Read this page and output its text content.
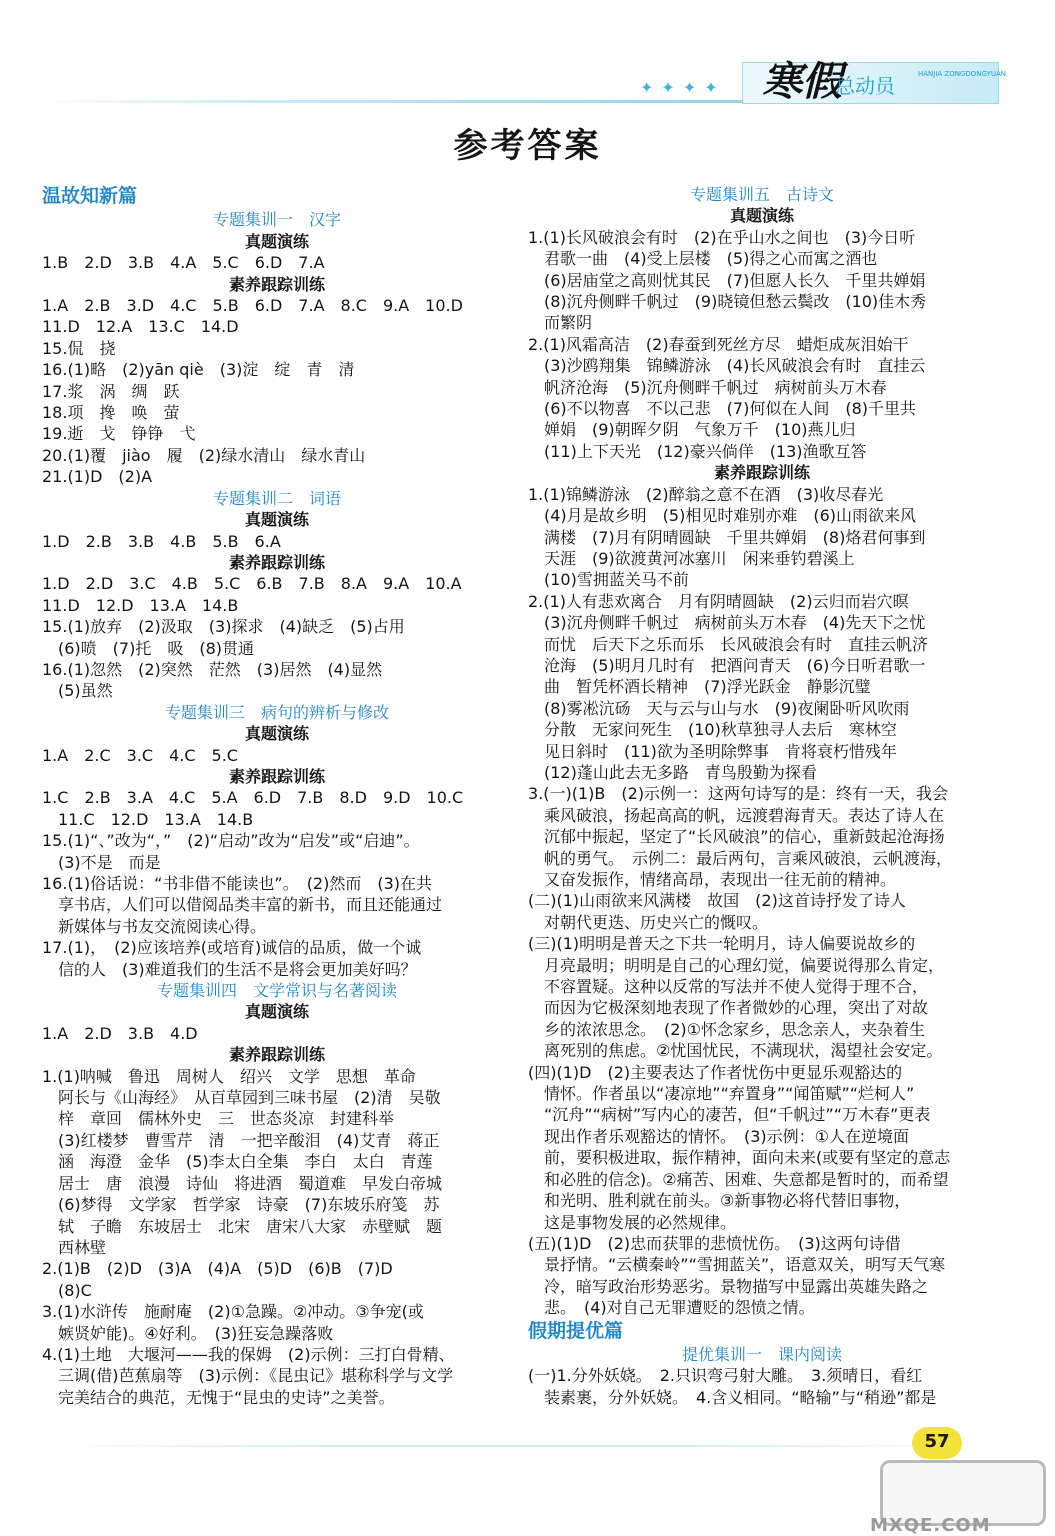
✦✦✦✦ 寒假
总动员	HANJIA ZONGDONGYUAN
参考答案
温故知新篇
专题集训一　汉字
真题演练
1.B　2.D　3.B　4.A　5.C　6.D　7.A
素养跟踪训练
1.A　2.B　3.D　4.C　5.B　6.D　7.A　8.C　9.A　10.D
11.D　12.A　13.C　14.D
15.侃　挠
16.(1)略　(2)yān qiè　(3)淀　绽　青　清
17.浆　涡　绸　跃
18.项　搀　唤　萤
19.逝　戈　铮铮　弋
20.(1)覆　jiào　履　(2)绿水清山　绿水青山
21.(1)D　(2)A
专题集训二　词语
真题演练
1.D　2.B　3.B　4.B　5.B　6.A
素养跟踪训练
1.D　2.D　3.C　4.B　5.C　6.B　7.B　8.A　9.A　10.A
11.D　12.D　13.A　14.B
15.(1)放弃　(2)汲取　(3)探求　(4)缺乏　(5)占用
　(6)喷　(7)托　吸　(8)贯通
16.(1)忽然　(2)突然　茫然　(3)居然　(4)显然
　(5)虽然
专题集训三　病句的辨析与修改
真题演练
1.A　2.C　3.C　4.C　5.C
素养跟踪训练
1.C　2.B　3.A　4.C　5.A　6.D　7.B　8.D　9.D　10.C
　11.C　12.D　13.A　14.B
15.(1)“、”改为“，”　(2)“启动”改为“启发”或“启迪”。
　(3)不是　而是
16.(1)俗话说：“书非借不能读也”。　(2)然而　(3)在共
　享书店，人们可以借阅品类丰富的新书，而且还能通过
　新媒体与书友交流阅读心得。
17.(1)，　(2)应该培养(或培育)诚信的品质，做一个诚
　信的人　(3)难道我们的生活不是将会更加美好吗？
专题集训四　文学常识与名著阅读
真题演练
1.A　2.D　3.B　4.D
素养跟踪训练
1.(1)呐喊　鲁迅　周树人　绍兴　文学　思想　革命
　阿长与《山海经》　从百草园到三味书屋　(2)清　吴敬
　梓　章回　儒林外史　三　世态炎凉　封建科举
　(3)红楼梦　曹雪芹　清　一把辛酸泪　(4)艾青　蒋正
　涵　海澄　金华　(5)李太白全集　李白　太白　青莲
　居士　唐　浪漫　诗仙　将进酒　蜀道难　早发白帝城
　(6)梦得　文学家　哲学家　诗豪　(7)东坡乐府笺　苏
　轼　子瞻　东坡居士　北宋　唐宋八大家　赤壁赋　题
　西林壁
2.(1)B　(2)D　(3)A　(4)A　(5)D　(6)B　(7)D
　(8)C
3.(1)水浒传　施耐庵　(2)①急躁。②冲动。③争宠(或
　嫉贤妒能)。④好利。　(3)狂妄急躁落败
4.(1)土地　大堰河——我的保姆　(2)示例：三打白骨精、
　三调(借)芭蕉扇等　(3)示例：《昆虫记》堪称科学与文学
　完美结合的典范，无愧于“昆虫的史诗”之美誉。
专题集训五　古诗文
真题演练
1.(1)长风破浪会有时　(2)在乎山水之间也　(3)今日听
　君歌一曲　(4)受上层楼　(5)得之心而寓之酒也
　(6)居庙堂之高则忧其民　(7)但愿人长久　千里共婵娟
　(8)沉舟侧畔千帆过　(9)晓镜但愁云鬓改　(10)佳木秀
　而繁阴
2.(1)风霜高洁　(2)春蚕到死丝方尽　蜡炬成灰泪始干
　(3)沙鸥翔集　锦鳞游泳　(4)长风破浪会有时　直挂云
　帆济沧海　(5)沉舟侧畔千帆过　病树前头万木春
　(6)不以物喜　不以己悲　(7)何似在人间　(8)千里共
　婵娟　(9)朝晖夕阴　气象万千　(10)燕儿归
　(11)上下天光　(12)豪兴倘佯　(13)渔歌互答
素养跟踪训练
1.(1)锦鳞游泳　(2)醉翁之意不在酒　(3)收尽春光
　(4)月是故乡明　(5)相见时难别亦难　(6)山雨欲来风
　满楼　(7)月有阴晴圆缺　千里共婵娟　(8)烙君何事到
　天涯　(9)欲渡黄河冰塞川　闲来垂钓碧溪上
　(10)雪拥蓝关马不前
2.(1)人有悲欢离合　月有阴晴圆缺　(2)云归而岩穴暝
　(3)沉舟侧畔千帆过　病树前头万木春　(4)先天下之忧
　而忧　后天下之乐而乐　长风破浪会有时　直挂云帆济
　沧海　(5)明月几时有　把酒问青天　(6)今日听君歌一
　曲　暂凭杯酒长精神　(7)浮光跃金　静影沉璧
　(8)雾凇沆砀　天与云与山与水　(9)夜阑卧听风吹雨
　分散　无家问死生　(10)秋草独寻人去后　寒林空
　见日斜时　(11)欲为圣明除弊事　肯将衰朽惜残年
　(12)蓬山此去无多路　青鸟殷勤为探看
3.(一)(1)B　(2)示例一：这两句诗写的是：终有一天，我会
　乘风破浪，扬起高高的帆，远渡碧海青天。表达了诗人在
　沉郁中振起，坚定了“长风破浪”的信心，重新鼓起沧海扬
　帆的勇气。　示例二：最后两句，言乘风破浪，云帆渡海，
　又奋发振作，情绪高昂，表现出一往无前的精神。
(二)(1)山雨欲来风满楼　故国　(2)这首诗抒发了诗人
　对朝代更迭、历史兴亡的慨叹。
(三)(1)明明是普天之下共一轮明月，诗人偏要说故乡的
　月亮最明；明明是自己的心理幻觉，偏要说得那么肯定，
　不容置疑。这种以反常的写法并不使人觉得于理不合，
　而因为它极深刻地表现了作者微妙的心理，突出了对故
　乡的浓浓思念。　(2)①怀念家乡，思念亲人，夹杂着生
　离死别的焦虑。②忧国忧民，不满现状，渴望社会安定。
(四)(1)D　(2)主要表达了作者忧伤中更显乐观豁达的
　情怀。作者虽以“凄凉地”“弃置身”“闻笛赋”“烂柯人”
　“沉舟”“病树”写内心的凄苦，但“千帆过”“万木春”更表
　现出作者乐观豁达的情怀。　(3)示例：①人在逆境面
　前，要积极进取，振作精神，面向未来(或要有坚定的意志
　和必胜的信念)。②痛苦、困难、失意都是暂时的，而希望
　和光明、胜利就在前头。③新事物必将代替旧事物，
　这是事物发展的必然规律。
(五)(1)D　(2)忠而获罪的悲愤忧伤。　(3)这两句诗借
　景抒情。“云横秦岭”“雪拥蓝关”，语意双关，明写天气寒
　冷，暗写政治形势恶劣。景物描写中显露出英雄失路之
　悲。　(4)对自己无罪遭贬的怨愤之情。
假期提优篇
提优集训一　课内阅读
(一)1.分外妖娆。　2.只识弯弓射大雕。　3.须晴日，看红
　装素裹，分外妖娆。　4.含义相同。“略输”与“稍逊”都是
57
MXQE.COM
